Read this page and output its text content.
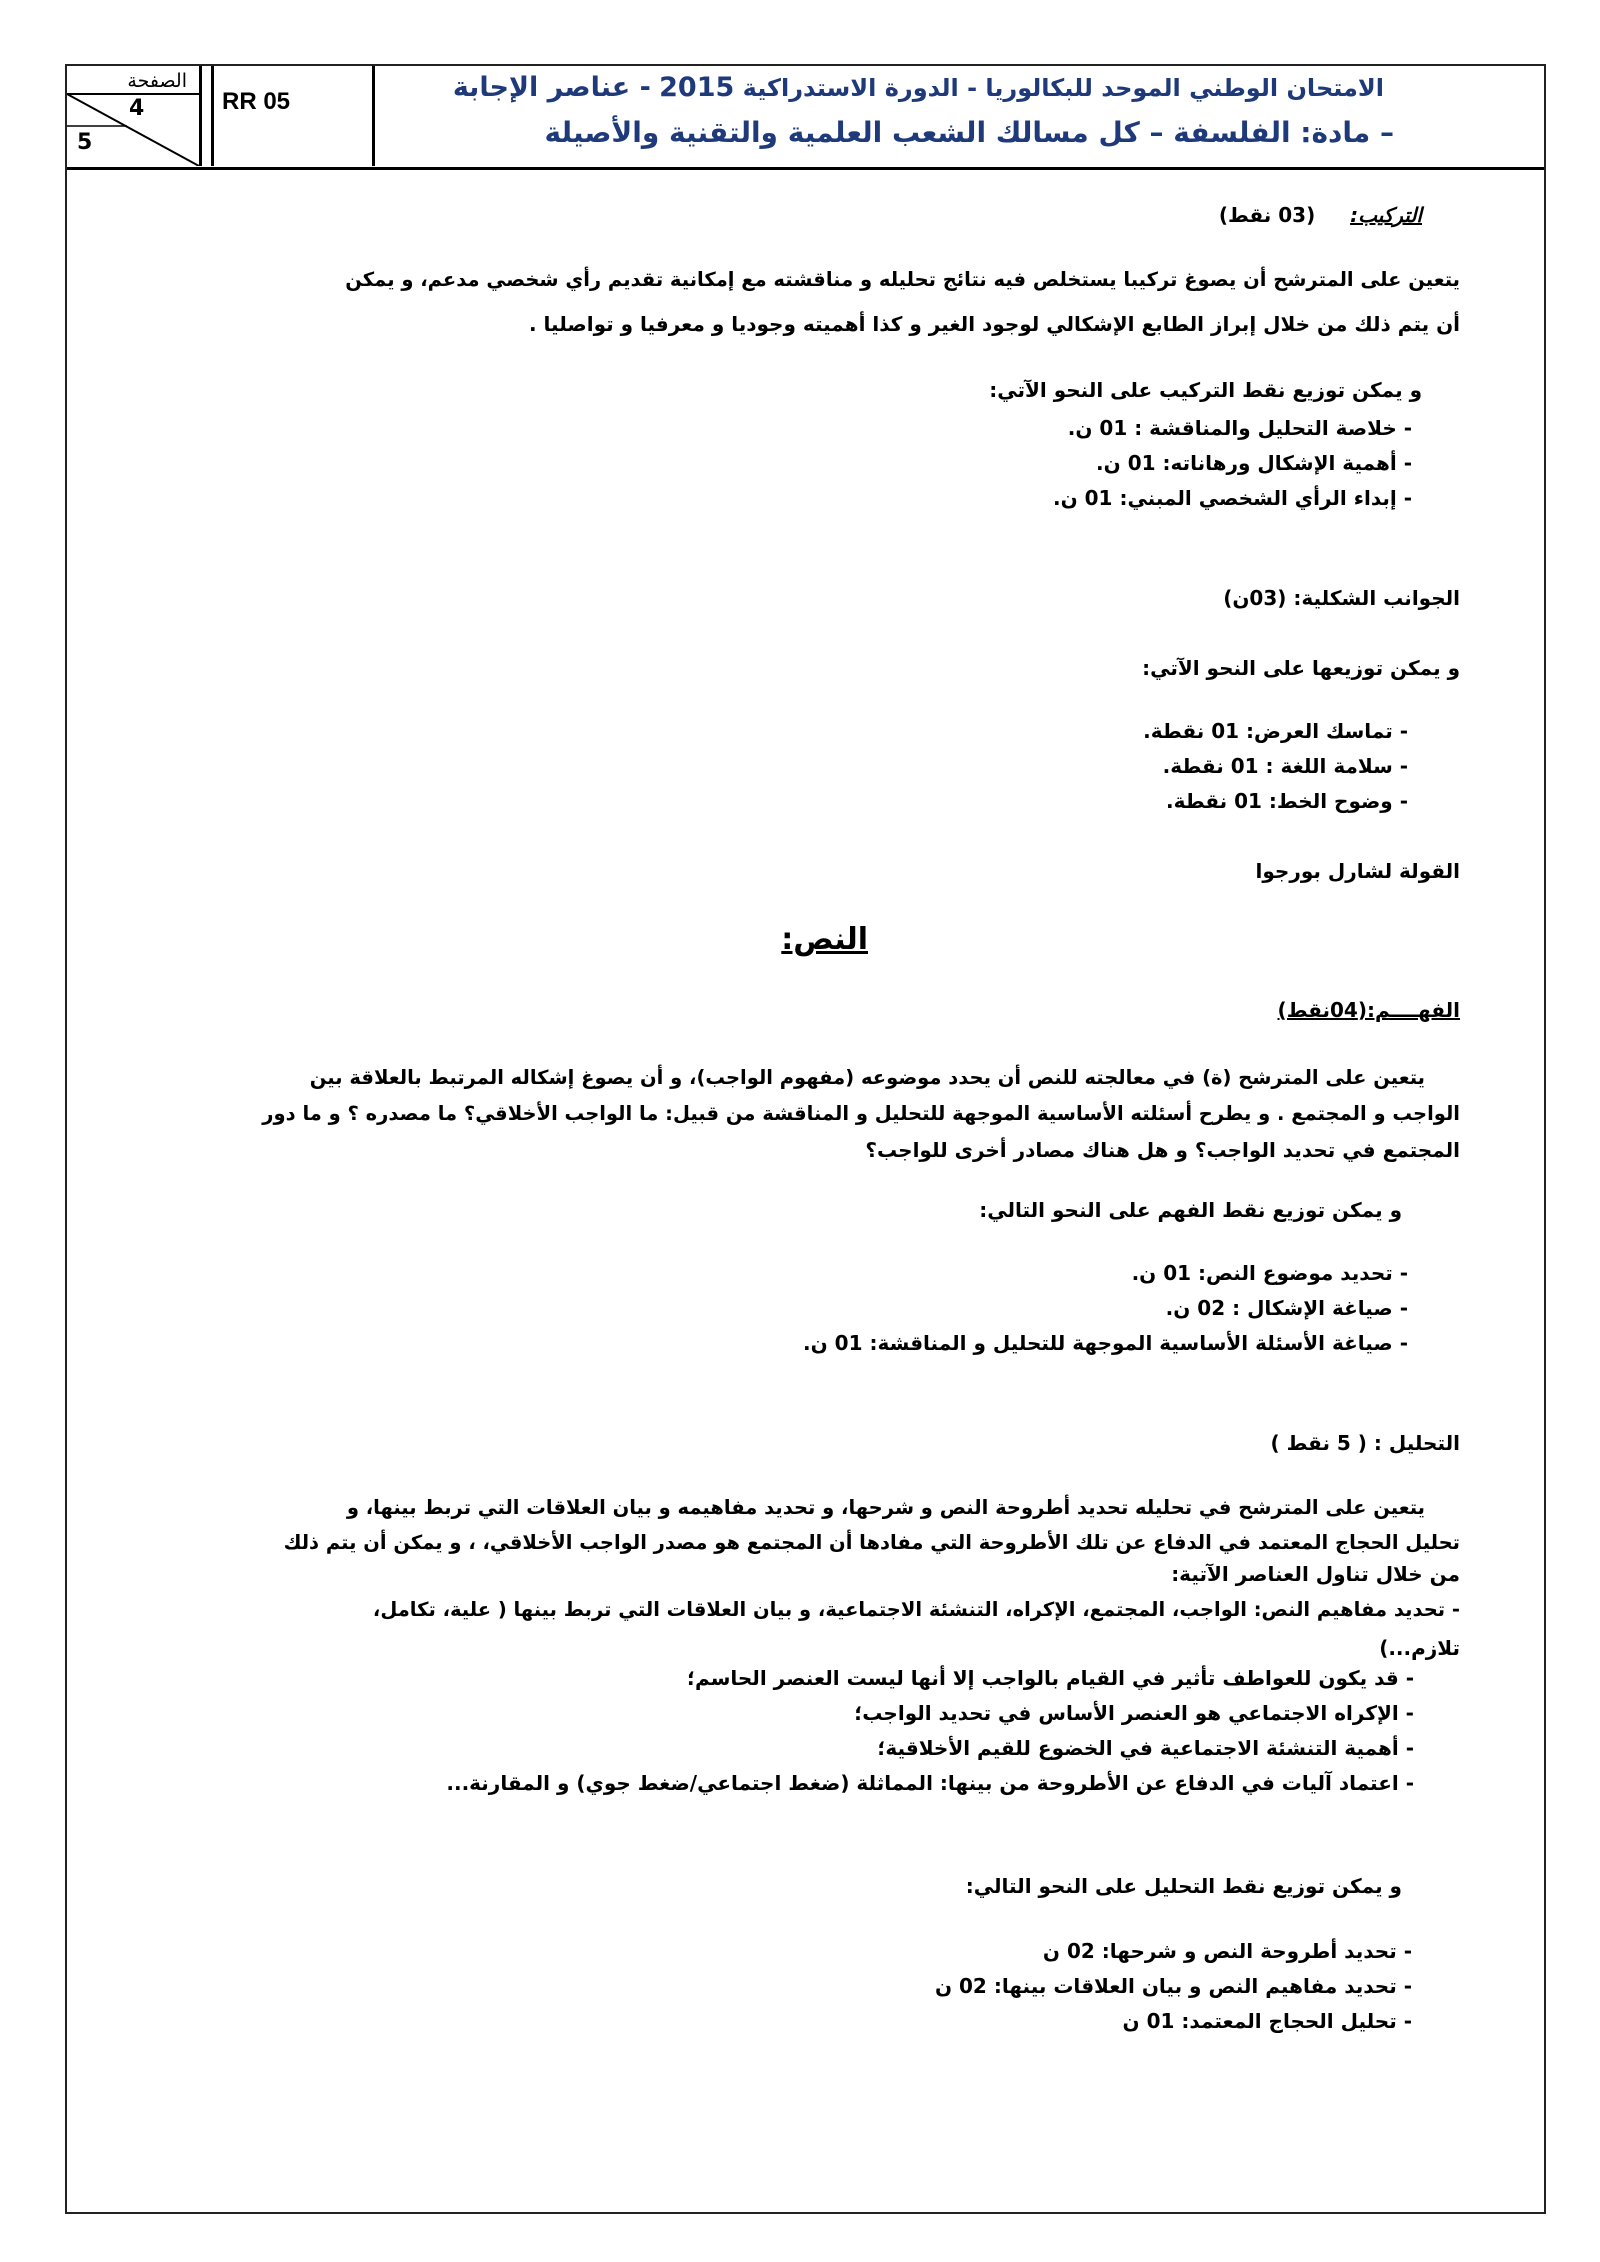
الصفحة
4
5
RR 05	الامتحان الوطني الموحد للبكالوريا - الدورة الاستدراكية 2015 - عناصر الإجابة
– مادة: الفلسفة – كل مسالك الشعب العلمية والتقنية والأصيلة
التركيب:     (03 نقط)
يتعين على المترشح أن يصوغ تركيبا يستخلص فيه نتائج تحليله و مناقشته مع إمكانية تقديم رأي شخصي مدعم، و يمكن
أن يتم ذلك من خلال إبراز الطابع الإشكالي لوجود الغير و كذا أهميته وجوديا و معرفيا و تواصليا .
و يمكن توزيع نقط التركيب على النحو الآتي:
- خلاصة التحليل والمناقشة : 01 ن.
- أهمية الإشكال ورهاناته: 01 ن.
- إبداء الرأي الشخصي المبني: 01 ن.
الجوانب الشكلية: (03ن)
و يمكن توزيعها على النحو الآتي:
- تماسك العرض: 01 نقطة.
- سلامة اللغة : 01 نقطة.
- وضوح الخط: 01 نقطة.
القولة لشارل بورجوا
النص:
الفهــــم:(04نقط)
يتعين على المترشح (ة) في معالجته للنص أن يحدد موضوعه (مفهوم الواجب)، و أن يصوغ إشكاله المرتبط بالعلاقة بين
الواجب و المجتمع . و يطرح أسئلته الأساسية الموجهة للتحليل و المناقشة من قبيل: ما الواجب الأخلاقي؟ ما مصدره ؟ و ما دور
المجتمع في تحديد الواجب؟ و هل هناك مصادر أخرى للواجب؟
و يمكن توزيع نقط الفهم على النحو التالي:
- تحديد موضوع النص: 01 ن.
- صياغة الإشكال : 02 ن.
- صياغة الأسئلة الأساسية الموجهة للتحليل و المناقشة: 01 ن.
التحليل : ( 5 نقط )
يتعين على المترشح في تحليله تحديد أطروحة النص و شرحها، و تحديد مفاهيمه و بيان العلاقات التي تربط بينها، و
تحليل الحجاج المعتمد في الدفاع عن تلك الأطروحة التي مفادها أن المجتمع هو مصدر الواجب الأخلاقي، ، و يمكن أن يتم ذلك
من خلال تناول العناصر الآتية:
- تحديد مفاهيم النص: الواجب، المجتمع، الإكراه، التنشئة الاجتماعية، و بيان العلاقات التي تربط بينها ( علية، تكامل،
تلازم...)
- قد يكون للعواطف تأثير في القيام بالواجب إلا أنها ليست العنصر الحاسم؛
- الإكراه الاجتماعي هو العنصر الأساس في تحديد الواجب؛
- أهمية التنشئة الاجتماعية في الخضوع للقيم الأخلاقية؛
- اعتماد آليات في الدفاع عن الأطروحة من بينها: المماثلة (ضغط اجتماعي/ضغط جوي) و المقارنة...
و يمكن توزيع نقط التحليل على النحو التالي:
- تحديد أطروحة النص و شرحها: 02 ن
- تحديد مفاهيم النص و بيان العلاقات بينها: 02 ن
- تحليل الحجاج المعتمد: 01 ن
